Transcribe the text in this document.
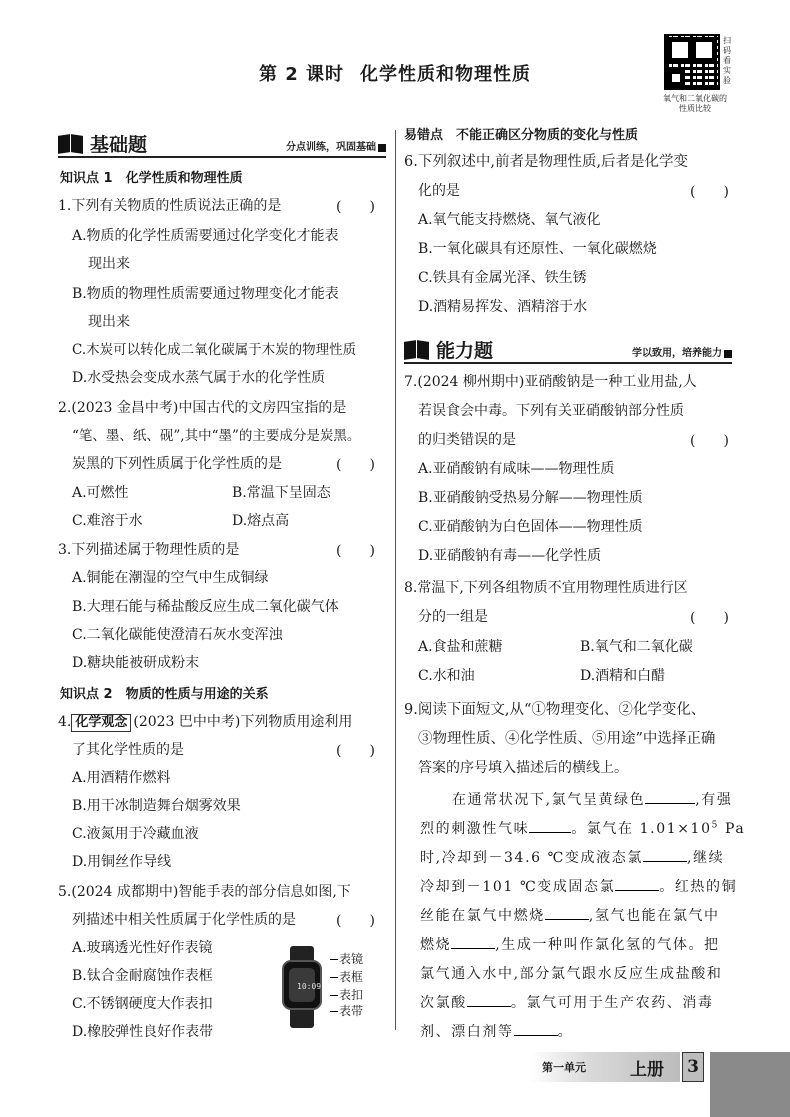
第 2 课时 化学性质和物理性质
扫码看实验
氧气和二氧化碳的性质比较
基础题	分点训练，巩固基础
知识点 1　化学性质和物理性质
1.下列有关物质的性质说法正确的是	(　　)
A.物质的化学性质需要通过化学变化才能表
现出来
B.物质的物理性质需要通过物理变化才能表
现出来
C.木炭可以转化成二氧化碳属于木炭的物理性质
D.水受热会变成水蒸气属于水的化学性质
2.(2023 金昌中考)中国古代的文房四宝指的是
“笔、墨、纸、砚”,其中“墨”的主要成分是炭黑。
炭黑的下列性质属于化学性质的是	(　　)
A.可燃性	B.常温下呈固态
C.难溶于水	D.熔点高
3.下列描述属于物理性质的是	(　　)
A.铜能在潮湿的空气中生成铜绿
B.大理石能与稀盐酸反应生成二氧化碳气体
C.二氧化碳能使澄清石灰水变浑浊
D.糖块能被研成粉末
知识点 2　物质的性质与用途的关系
4. 化学观念 (2023 巴中中考)下列物质用途利用
了其化学性质的是	(　　)
A.用酒精作燃料
B.用干冰制造舞台烟雾效果
C.液氮用于冷藏血液
D.用铜丝作导线
5.(2024 成都期中)智能手表的部分信息如图,下
列描述中相关性质属于化学性质的是	(　　)
A.玻璃透光性好作表镜
B.钛合金耐腐蚀作表框
C.不锈钢硬度大作表扣
D.橡胶弹性良好作表带
10:09
表镜
表框
表扣
表带
易错点　不能正确区分物质的变化与性质
6.下列叙述中,前者是物理性质,后者是化学变
化的是	(　　)
A.氧气能支持燃烧、氧气液化
B.一氧化碳具有还原性、一氧化碳燃烧
C.铁具有金属光泽、铁生锈
D.酒精易挥发、酒精溶于水
能力题	学以致用，培养能力
7.(2024 柳州期中)亚硝酸钠是一种工业用盐,人
若误食会中毒。下列有关亚硝酸钠部分性质
的归类错误的是	(　　)
A.亚硝酸钠有咸味——物理性质
B.亚硝酸钠受热易分解——物理性质
C.亚硝酸钠为白色固体——物理性质
D.亚硝酸钠有毒——化学性质
8.常温下,下列各组物质不宜用物理性质进行区
分的一组是	(　　)
A.食盐和蔗糖	B.氧气和二氧化碳
C.水和油	D.酒精和白醋
9.阅读下面短文,从“①物理变化、②化学变化、
③物理性质、④化学性质、⑤用途”中选择正确
答案的序号填入描述后的横线上。
在通常状况下,氯气呈黄绿色	,有强
烈的刺激性气味	。氯气在 $1.01\times 10^5$ Pa
时,冷却到－34.6 ℃变成液态氯	,继续
冷却到－101 ℃变成固态氯	。红热的铜
丝能在氯气中燃烧	,氢气也能在氯气中
燃烧	,生成一种叫作氯化氢的气体。把
氯气通入水中,部分氯气跟水反应生成盐酸和
次氯酸	。氯气可用于生产农药、消毒
剂、漂白剂等	。
第一单元	上册 3
